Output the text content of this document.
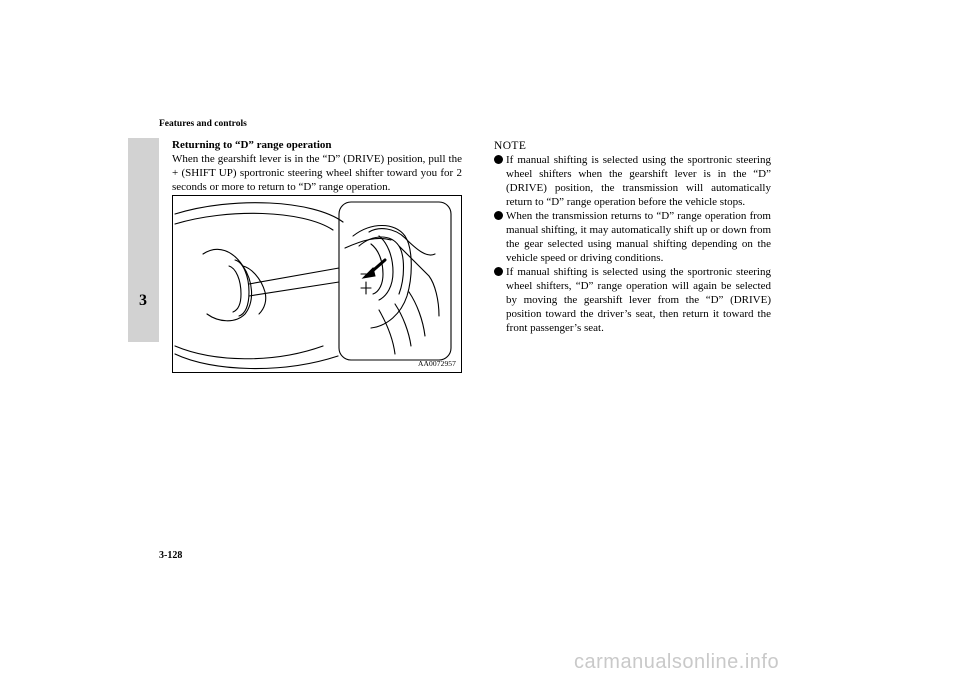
Features and controls
3
Returning to “D” range operation
When the gearshift lever is in the “D” (DRIVE) position, pull the + (SHIFT UP) sportronic steering wheel shifter toward you for 2 seconds or more to return to “D” range operation.
AA0072957
NOTE
If manual shifting is selected using the sportronic steering wheel shifters when the gearshift lever is in the “D” (DRIVE) position, the transmission will automatically return to “D” range operation before the vehicle stops.
When the transmission returns to “D” range operation from manual shifting, it may automatically shift up or down from the gear selected using manual shifting depending on the vehicle speed or driving conditions.
If manual shifting is selected using the sportronic steering wheel shifters, “D” range operation will again be selected by moving the gearshift lever from the “D” (DRIVE) position toward the driver’s seat, then return it toward the front passenger’s seat.
3-128
carmanualsonline.info
